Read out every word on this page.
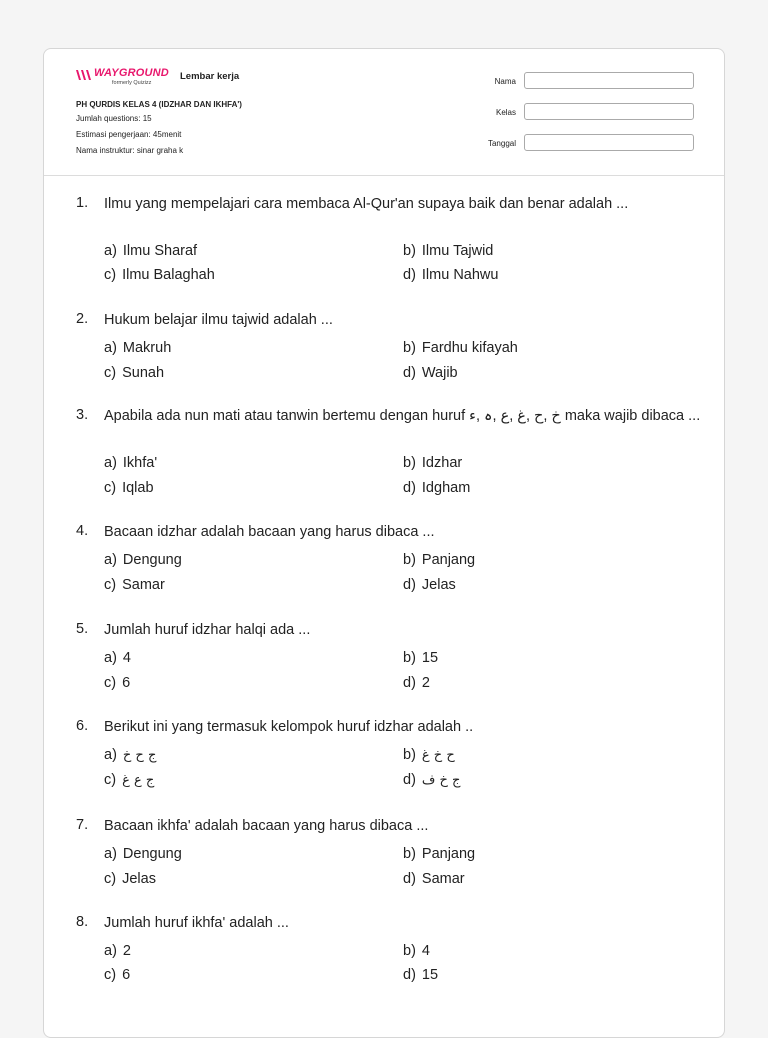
WAYGROUND
formerly Quizizz
Lembar kerja
PH QURDIS KELAS 4 (IDZHAR DAN IKHFA')
Jumlah questions: 15
Estimasi pengerjaan: 45menit
Nama instruktur: sinar graha k
Nama
Kelas
Tanggal
1. Ilmu yang mempelajari cara membaca Al-Qur'an supaya baik dan benar adalah ...
a) Ilmu Sharaf	b) Ilmu Tajwid
c) Ilmu Balaghah	d) Ilmu Nahwu
2. Hukum belajar ilmu tajwid adalah ...
a) Makruh	b) Fardhu kifayah
c) Sunah	d) Wajib
3. Apabila ada nun mati atau tanwin bertemu dengan huruf خ ,ح ,غ ,ع ,ہ ,ء maka wajib dibaca ...
a) Ikhfa'	b) Idzhar
c) Iqlab	d) Idgham
4. Bacaan idzhar adalah bacaan yang harus dibaca ...
a) Dengung	b) Panjang
c) Samar	d) Jelas
5. Jumlah huruf idzhar halqi ada ...
a) 4	b) 15
c) 6	d) 2
6. Berikut ini yang termasuk kelompok huruf idzhar adalah ..
a) ج ح خ	b) ح خ غ
c) ج ع غ	d) ج خ ف
7. Bacaan ikhfa' adalah bacaan yang harus dibaca ...
a) Dengung	b) Panjang
c) Jelas	d) Samar
8. Jumlah huruf ikhfa' adalah ...
a) 2	b) 4
c) 6	d) 15
